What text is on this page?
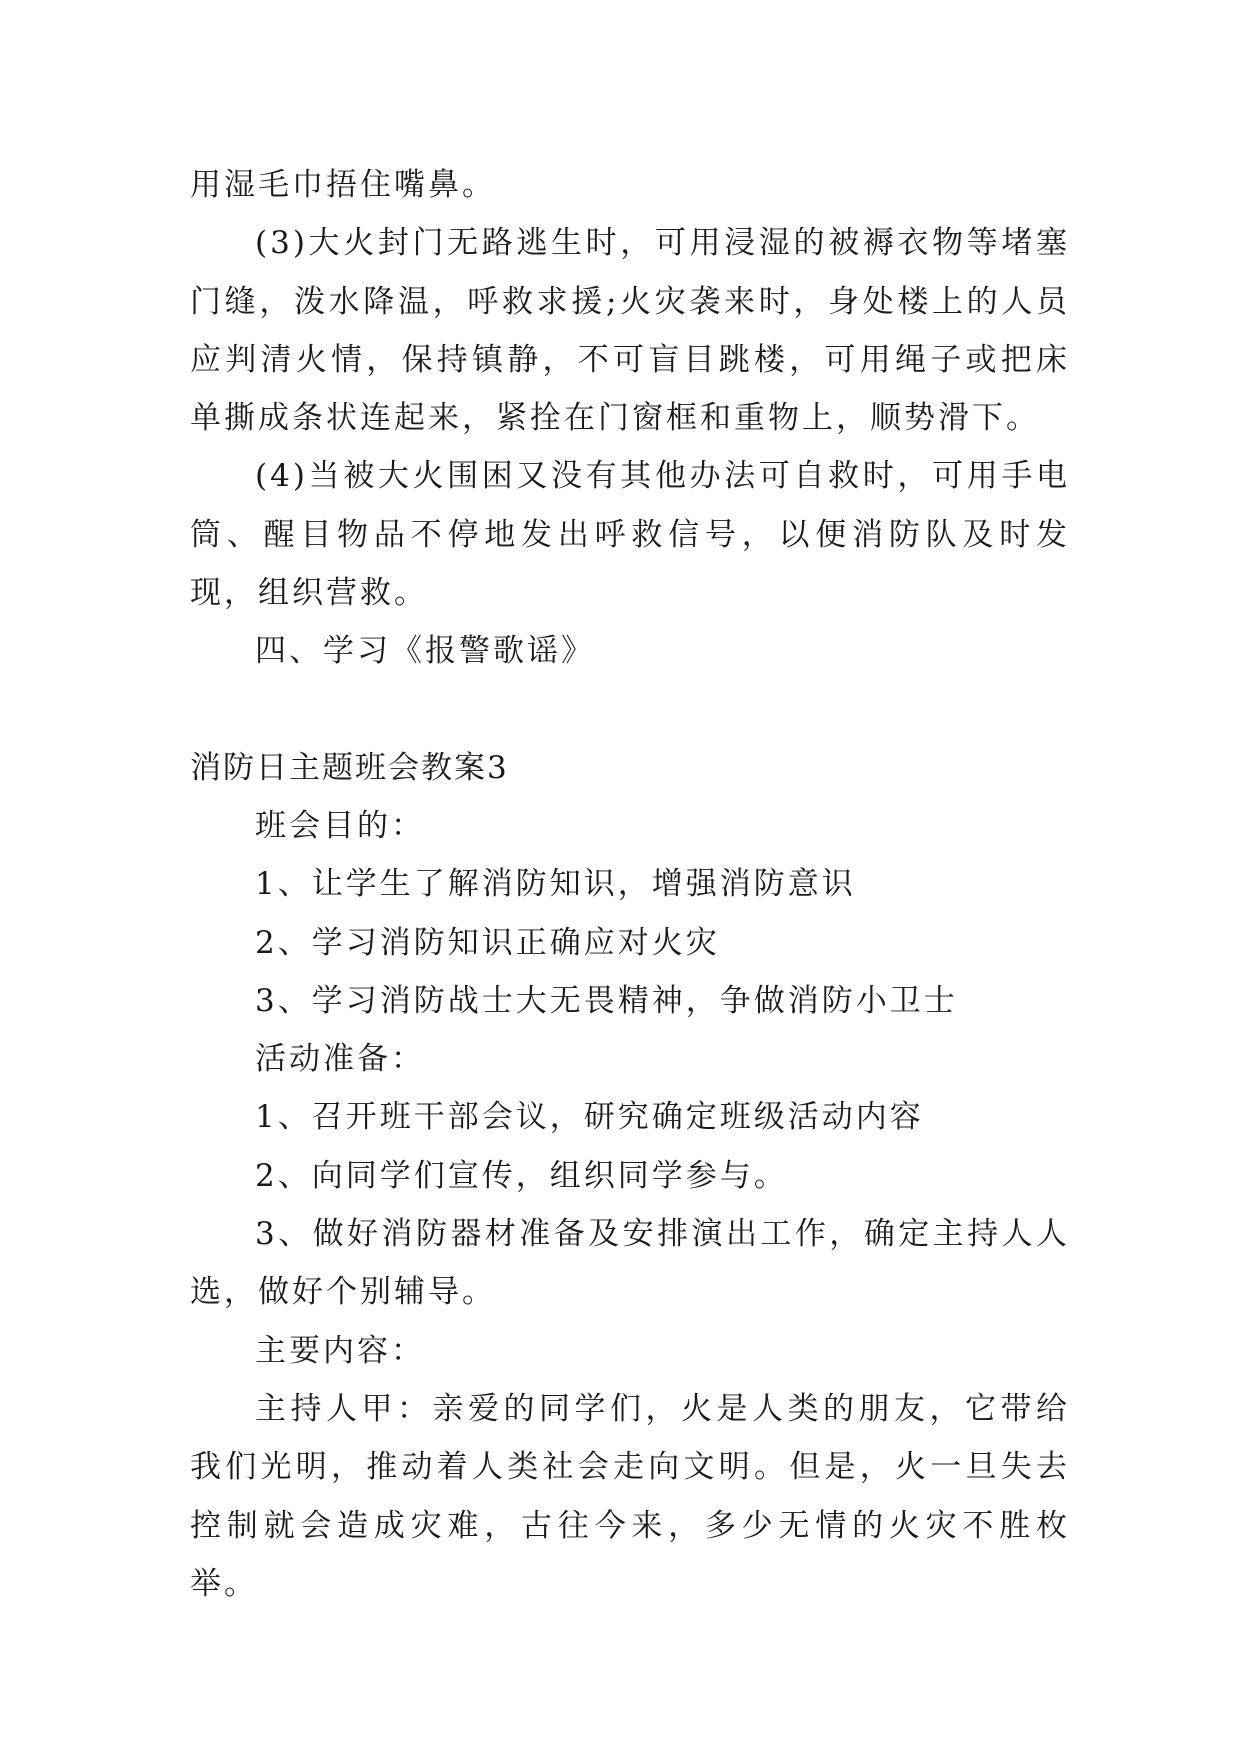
用湿毛巾捂住嘴鼻。

(3)大火封门无路逃生时，可用浸湿的被褥衣物等堵塞门缝，泼水降温，呼救求援;火灾袭来时，身处楼上的人员应判清火情，保持镇静，不可盲目跳楼，可用绳子或把床单撕成条状连起来，紧拴在门窗框和重物上，顺势滑下。

(4)当被大火围困又没有其他办法可自救时，可用手电筒、醒目物品不停地发出呼救信号，以便消防队及时发现，组织营救。

四、学习《报警歌谣》

消防日主题班会教案3

班会目的：

1、让学生了解消防知识，增强消防意识

2、学习消防知识正确应对火灾

3、学习消防战士大无畏精神，争做消防小卫士

活动准备：

1、召开班干部会议，研究确定班级活动内容

2、向同学们宣传，组织同学参与。

3、做好消防器材准备及安排演出工作，确定主持人人选，做好个别辅导。

主要内容：

主持人甲：亲爱的同学们，火是人类的朋友，它带给我们光明，推动着人类社会走向文明。但是，火一旦失去控制就会造成灾难，古往今来，多少无情的火灾不胜枚举。
